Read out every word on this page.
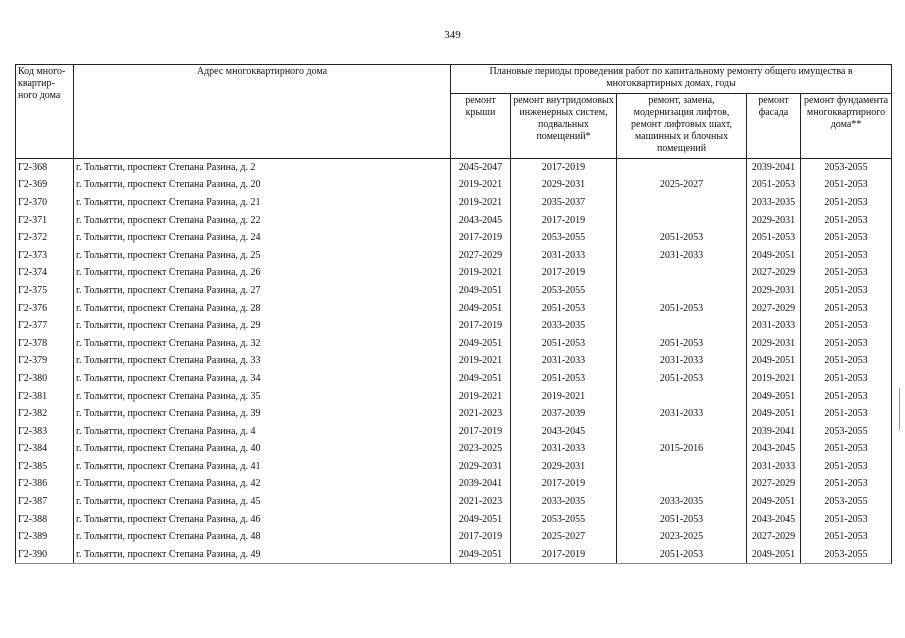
349
Код много-квартир-ного дома	Адрес многоквартирного дома	Плановые периоды проведения работ по капитальному ремонту общего имущества в многоквартирных домах, годы				
		ремонт крыши	ремонт внутридомовых инженерных систем, подвальных помещений*	ремонт, замена, модернизация лифтов, ремонт лифтовых шахт, машинных и блочных помещений	ремонт фасада	ремонт фундамента многоквартирного дома**
Г2-368	г. Тольятти, проспект Степана Разина, д. 2	2045-2047	2017-2019		2039-2041	2053-2055
Г2-369	г. Тольятти, проспект Степана Разина, д. 20	2019-2021	2029-2031	2025-2027	2051-2053	2051-2053
Г2-370	г. Тольятти, проспект Степана Разина, д. 21	2019-2021	2035-2037		2033-2035	2051-2053
Г2-371	г. Тольятти, проспект Степана Разина, д. 22	2043-2045	2017-2019		2029-2031	2051-2053
Г2-372	г. Тольятти, проспект Степана Разина, д. 24	2017-2019	2053-2055	2051-2053	2051-2053	2051-2053
Г2-373	г. Тольятти, проспект Степана Разина, д. 25	2027-2029	2031-2033	2031-2033	2049-2051	2051-2053
Г2-374	г. Тольятти, проспект Степана Разина, д. 26	2019-2021	2017-2019		2027-2029	2051-2053
Г2-375	г. Тольятти, проспект Степана Разина, д. 27	2049-2051	2053-2055		2029-2031	2051-2053
Г2-376	г. Тольятти, проспект Степана Разина, д. 28	2049-2051	2051-2053	2051-2053	2027-2029	2051-2053
Г2-377	г. Тольятти, проспект Степана Разина, д. 29	2017-2019	2033-2035		2031-2033	2051-2053
Г2-378	г. Тольятти, проспект Степана Разина, д. 32	2049-2051	2051-2053	2051-2053	2029-2031	2051-2053
Г2-379	г. Тольятти, проспект Степана Разина, д. 33	2019-2021	2031-2033	2031-2033	2049-2051	2051-2053
Г2-380	г. Тольятти, проспект Степана Разина, д. 34	2049-2051	2051-2053	2051-2053	2019-2021	2051-2053
Г2-381	г. Тольятти, проспект Степана Разина, д. 35	2019-2021	2019-2021		2049-2051	2051-2053
Г2-382	г. Тольятти, проспект Степана Разина, д. 39	2021-2023	2037-2039	2031-2033	2049-2051	2051-2053
Г2-383	г. Тольятти, проспект Степана Разина, д. 4	2017-2019	2043-2045		2039-2041	2053-2055
Г2-384	г. Тольятти, проспект Степана Разина, д. 40	2023-2025	2031-2033	2015-2016	2043-2045	2051-2053
Г2-385	г. Тольятти, проспект Степана Разина, д. 41	2029-2031	2029-2031		2031-2033	2051-2053
Г2-386	г. Тольятти, проспект Степана Разина, д. 42	2039-2041	2017-2019		2027-2029	2051-2053
Г2-387	г. Тольятти, проспект Степана Разина, д. 45	2021-2023	2033-2035	2033-2035	2049-2051	2053-2055
Г2-388	г. Тольятти, проспект Степана Разина, д. 46	2049-2051	2053-2055	2051-2053	2043-2045	2051-2053
Г2-389	г. Тольятти, проспект Степана Разина, д. 48	2017-2019	2025-2027	2023-2025	2027-2029	2051-2053
Г2-390	г. Тольятти, проспект Степана Разина, д. 49	2049-2051	2017-2019	2051-2053	2049-2051	2053-2055
